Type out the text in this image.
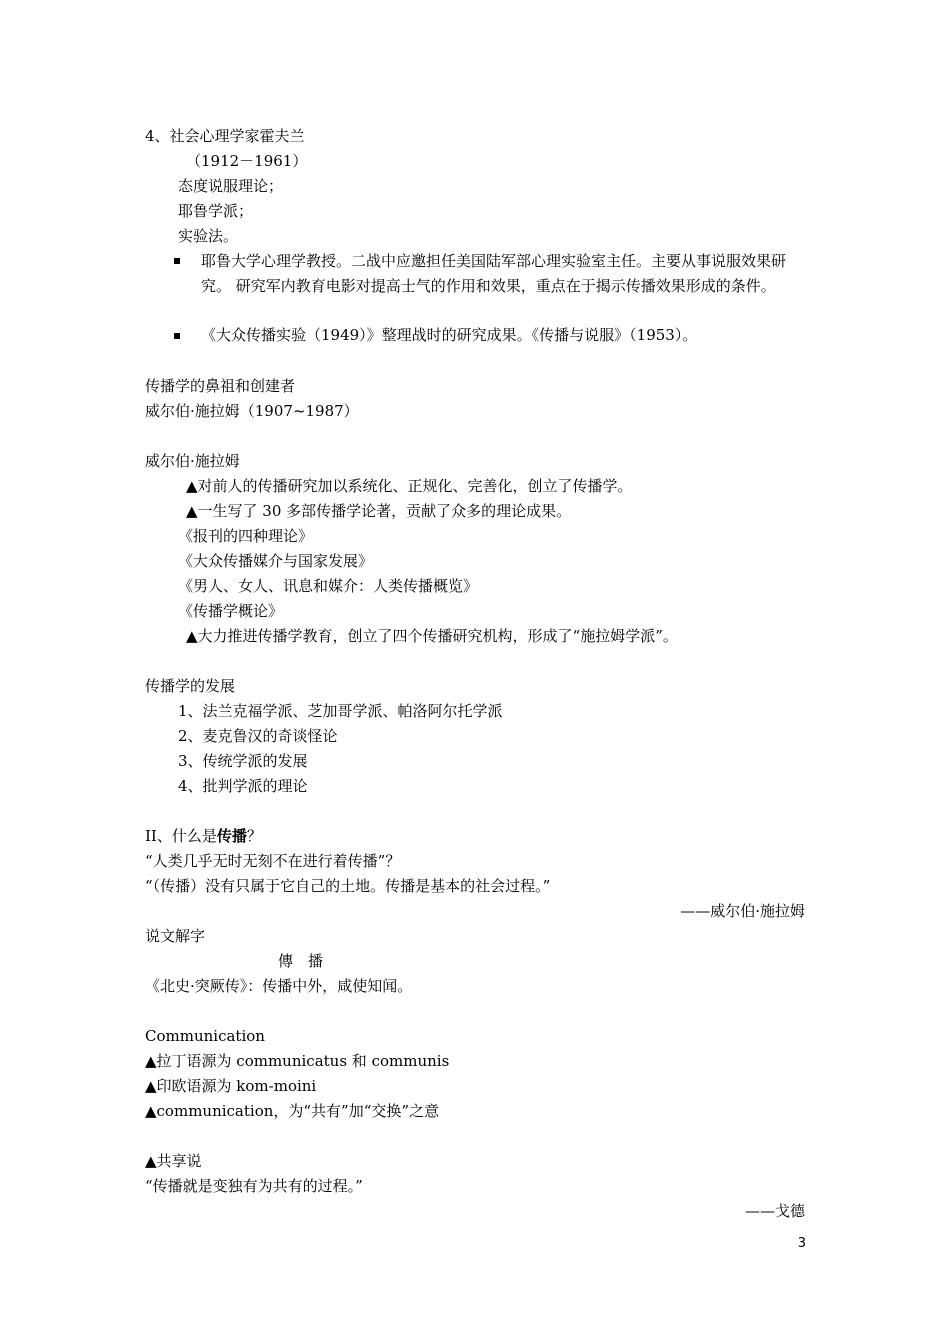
4、社会心理学家霍夫兰
（1912－1961）
态度说服理论；
耶鲁学派；
实验法。
耶鲁大学心理学教授。二战中应邀担任美国陆军部心理实验室主任。主要从事说服效果研究。 研究军内教育电影对提高士气的作用和效果，重点在于揭示传播效果形成的条件。
《大众传播实验（1949）》整理战时的研究成果。《传播与说服》（1953）。
传播学的鼻祖和创建者
威尔伯·施拉姆（1907~1987）
威尔伯·施拉姆
▲对前人的传播研究加以系统化、正规化、完善化，创立了传播学。
▲一生写了 30 多部传播学论著，贡献了众多的理论成果。
《报刊的四种理论》
《大众传播媒介与国家发展》
《男人、女人、讯息和媒介：人类传播概览》
《传播学概论》
▲大力推进传播学教育，创立了四个传播研究机构，形成了“施拉姆学派”。
传播学的发展
1、法兰克福学派、芝加哥学派、帕洛阿尔托学派
2、麦克鲁汉的奇谈怪论
3、传统学派的发展
4、批判学派的理论
II、什么是传播？
“人类几乎无时无刻不在进行着传播”？
“（传播）没有只属于它自己的土地。传播是基本的社会过程。”
——威尔伯·施拉姆
说文解字
傳　播
《北史·突厥传》：传播中外，咸使知闻。
Communication
▲拉丁语源为 communicatus 和 communis
▲印欧语源为 kom-moini
▲communication，为“共有”加“交换”之意
▲共享说
“传播就是变独有为共有的过程。”
——戈德
3
